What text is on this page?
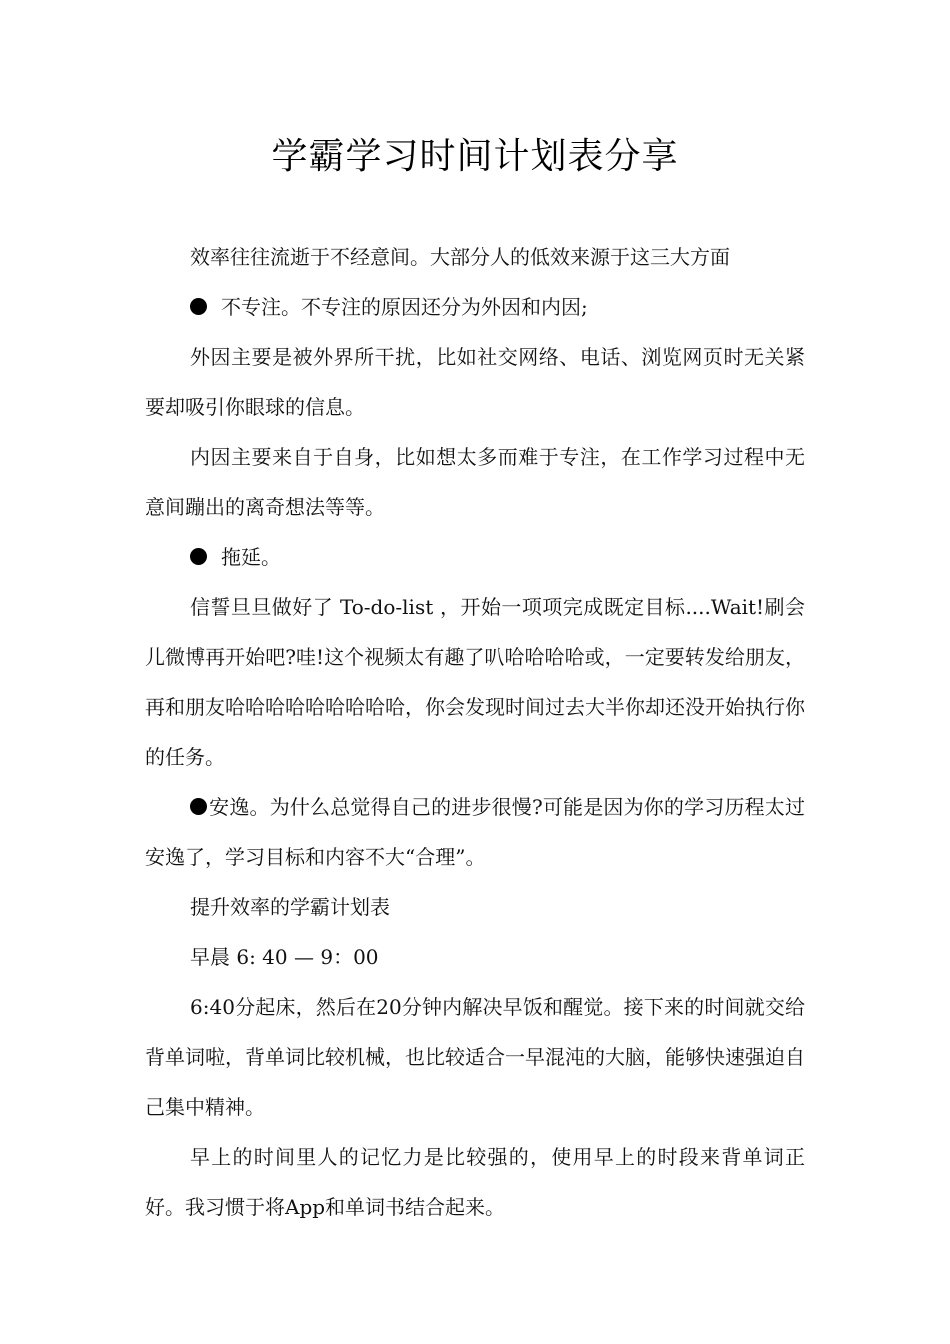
学霸学习时间计划表分享

效率往往流逝于不经意间。大部分人的低效来源于这三大方面

不专注。不专注的原因还分为外因和内因;

外因主要是被外界所干扰，比如社交网络、电话、浏览网页时无关紧要却吸引你眼球的信息。

内因主要来自于自身，比如想太多而难于专注，在工作学习过程中无意间蹦出的离奇想法等等。

拖延。

信誓旦旦做好了 To-do-list ，开始一项项完成既定目标....Wait!刷会儿微博再开始吧?哇!这个视频太有趣了叭哈哈哈哈或，一定要转发给朋友，再和朋友哈哈哈哈哈哈哈哈哈，你会发现时间过去大半你却还没开始执行你的任务。

安逸。为什么总觉得自己的进步很慢?可能是因为你的学习历程太过安逸了，学习目标和内容不大“合理”。

提升效率的学霸计划表

早晨 6: 40 — 9：00

6:40分起床，然后在20分钟内解决早饭和醒觉。接下来的时间就交给背单词啦，背单词比较机械，也比较适合一早混沌的大脑，能够快速强迫自己集中精神。

早上的时间里人的记忆力是比较强的，使用早上的时段来背单词正好。我习惯于将App和单词书结合起来。
